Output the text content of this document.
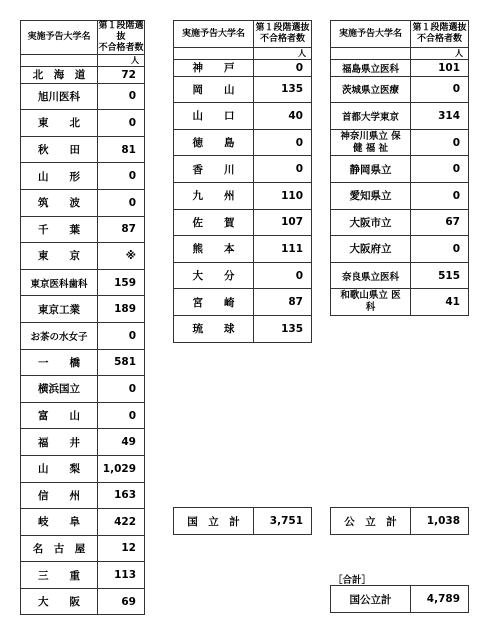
実施予告大学名	第１段階選抜
不合格者数
	人
北　海　道	72
旭川医科	0
東　　北	0
秋　　田	81
山　　形	0
筑　　波	0
千　　葉	87
東　　京	※
東京医科歯科	159
東京工業	189
お茶の水女子	0
一　　橋	581
横浜国立	0
富　　山	0
福　　井	49
山　　梨	1,029
信　　州	163
岐　　阜	422
名　古　屋	12
三　　重	113
大　　阪	69
実施予告大学名	第１段階選抜
不合格者数
	人
神　　戸	0
岡　　山	135
山　　口	40
徳　　島	0
香　　川	0
九　　州	110
佐　　賀	107
熊　　本	111
大　　分	0
宮　　崎	87
琉　　球	135
実施予告大学名	第１段階選抜
不合格者数
	人
福島県立医科	101
茨城県立医療	0
首都大学東京	314
神奈川県立 保 健 福 祉	0
静岡県立	0
愛知県立	0
大阪市立	67
大阪府立	0
奈良県立医科	515
和歌山県立 医　　科	41
国　立　計	3,751	公　立　計	1,038
［合計］
国公立計	4,789
